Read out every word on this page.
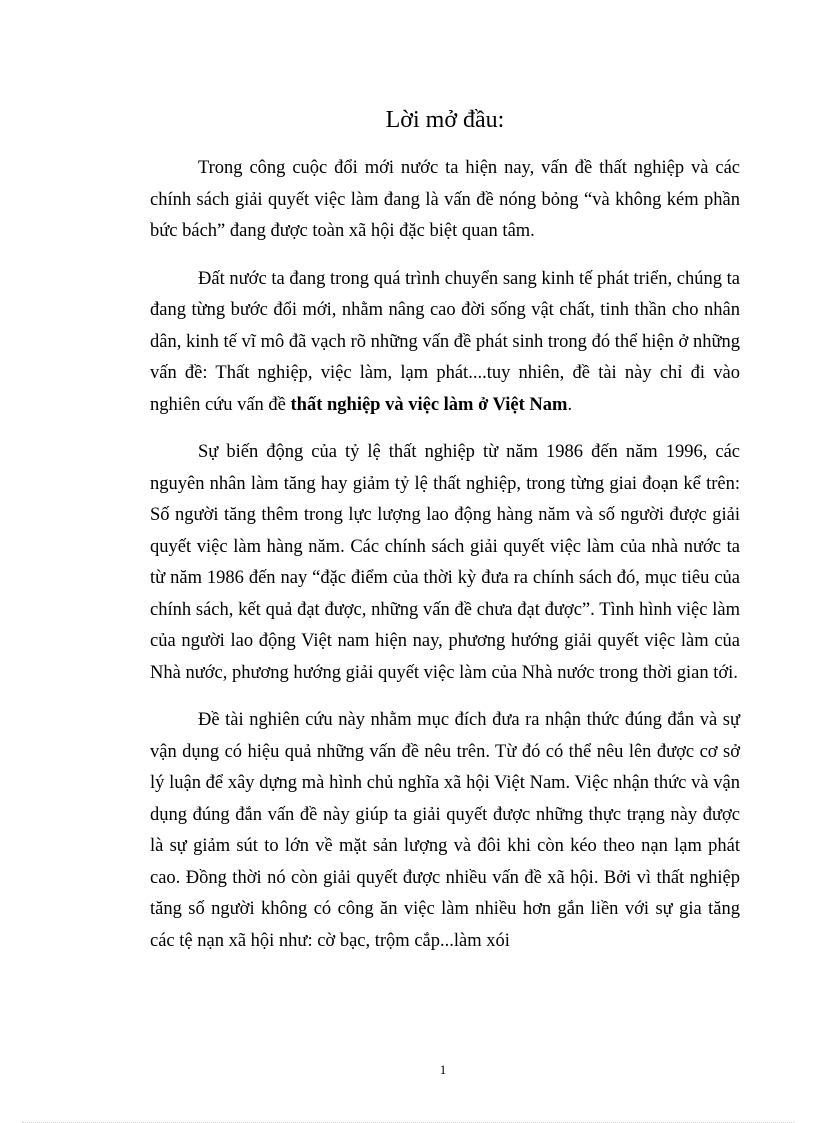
Lời mở đầu:

Trong công cuộc đổi mới nước ta hiện nay, vấn đề thất nghiệp và các chính sách giải quyết việc làm đang là vấn đề nóng bỏng “và không kém phần bức bách” đang được toàn xã hội đặc biệt quan tâm.

Đất nước ta đang trong quá trình chuyển sang kinh tế phát triển, chúng ta đang từng bước đổi mới, nhằm nâng cao đời sống vật chất, tinh thần cho nhân dân, kinh tế vĩ mô đã vạch rõ những vấn đề phát sinh trong đó thể hiện ở những vấn đề: Thất nghiệp, việc làm, lạm phát....tuy nhiên, đề tài này chỉ đi vào nghiên cứu vấn đề thất nghiệp và việc làm ở Việt Nam.

Sự biến động của tỷ lệ thất nghiệp từ năm 1986 đến năm 1996, các nguyên nhân làm tăng hay giảm tỷ lệ thất nghiệp, trong từng giai đoạn kể trên: Số người tăng thêm trong lực lượng lao động hàng năm và số người được giải quyết việc làm hàng năm. Các chính sách giải quyết việc làm của nhà nước ta từ năm 1986 đến nay “đặc điểm của thời kỳ đưa ra chính sách đó, mục tiêu của chính sách, kết quả đạt được, những vấn đề chưa đạt được”. Tình hình việc làm của người lao động Việt nam hiện nay, phương hướng giải quyết việc làm của Nhà nước, phương hướng giải quyết việc làm của Nhà nước trong thời gian tới.

Đề tài nghiên cứu này nhằm mục đích đưa ra nhận thức đúng đắn và sự vận dụng có hiệu quả những vấn đề nêu trên. Từ đó có thể nêu lên được cơ sở lý luận để xây dựng mà hình chủ nghĩa xã hội Việt Nam. Việc nhận thức và vận dụng đúng đắn vấn đề này giúp ta giải quyết được những thực trạng này được là sự giảm sút to lớn về mặt sản lượng và đôi khi còn kéo theo nạn lạm phát cao. Đồng thời nó còn giải quyết được nhiều vấn đề xã hội. Bởi vì thất nghiệp tăng số người không có công ăn việc làm nhiều hơn gắn liền với sự gia tăng các tệ nạn xã hội như: cờ bạc, trộm cắp...làm xói

1
